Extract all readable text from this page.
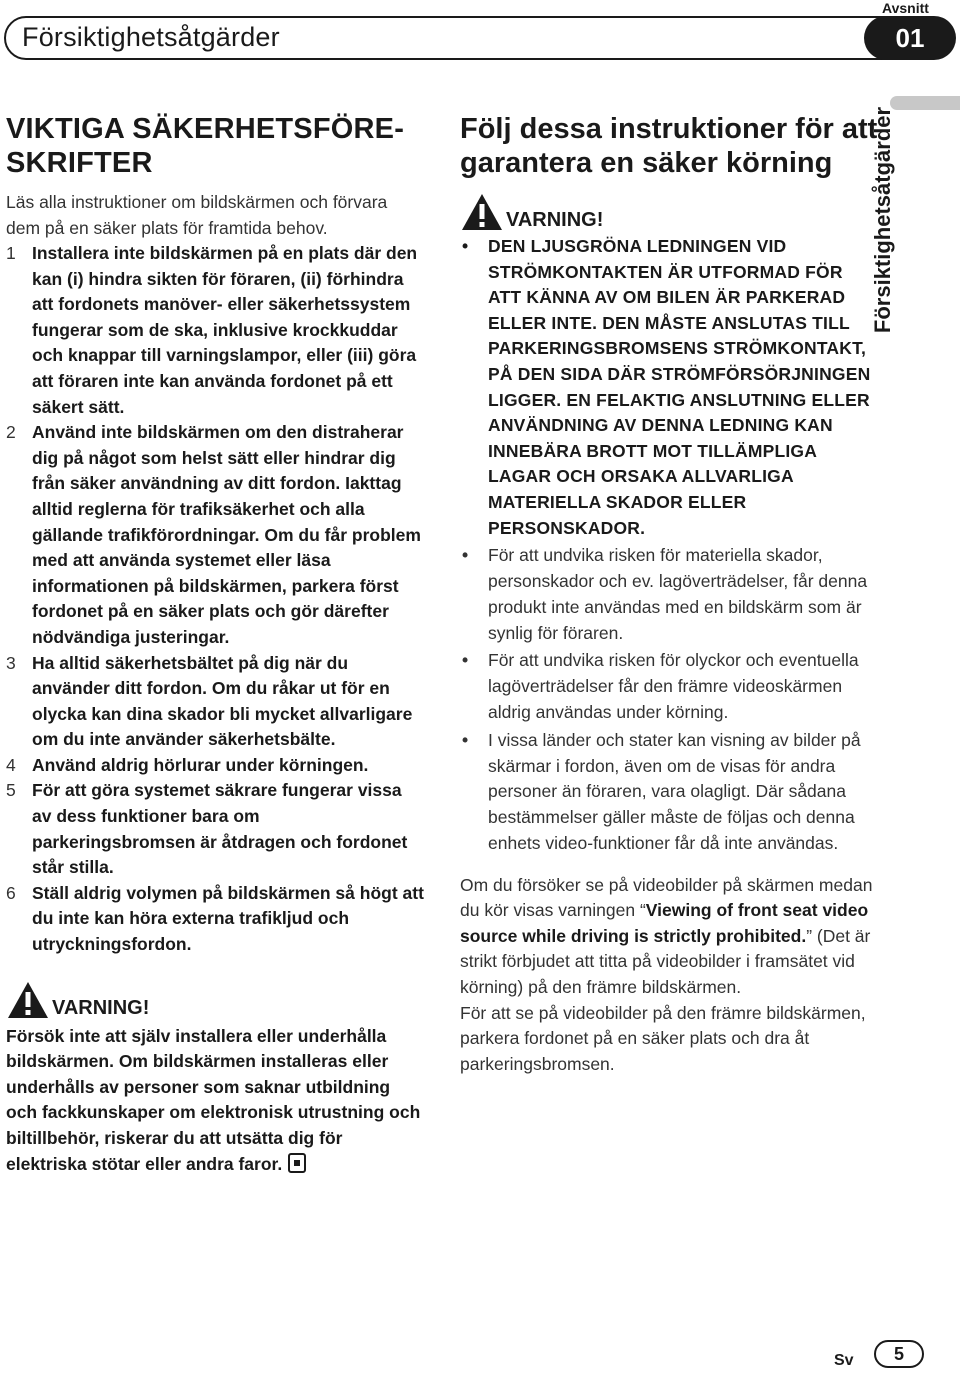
Försiktighetsåtgärder
Avsnitt
01
Försiktighetsåtgärder
VIKTIGA SÄKERHETSFÖRE-SKRIFTER

Läs alla instruktioner om bildskärmen och förvara dem på en säker plats för framtida behov.

1 Installera inte bildskärmen på en plats där den kan (i) hindra sikten för föraren, (ii) förhindra att fordonets manöver- eller säkerhetssystem fungerar som de ska, inklusive krockkuddar och knappar till varningslampor, eller (iii) göra att föraren inte kan använda fordonet på ett säkert sätt.
2 Använd inte bildskärmen om den distraherar dig på något som helst sätt eller hindrar dig från säker användning av ditt fordon. Iakttag alltid reglerna för trafiksäkerhet och alla gällande trafikförordningar. Om du får problem med att använda systemet eller läsa informationen på bildskärmen, parkera först fordonet på en säker plats och gör därefter nödvändiga justeringar.
3 Ha alltid säkerhetsbältet på dig när du använder ditt fordon. Om du råkar ut för en olycka kan dina skador bli mycket allvarligare om du inte använder säkerhetsbälte.
4 Använd aldrig hörlurar under körningen.
5 För att göra systemet säkrare fungerar vissa av dess funktioner bara om parkeringsbromsen är åtdragen och fordonet står stilla.
6 Ställ aldrig volymen på bildskärmen så högt att du inte kan höra externa trafikljud och utryckningsfordon.
VARNING!

Försök inte att själv installera eller underhålla bildskärmen. Om bildskärmen installeras eller underhålls av personer som saknar utbildning och fackkunskaper om elektronisk utrustning och biltillbehör, riskerar du att utsätta dig för elektriska stötar eller andra faror.

Följ dessa instruktioner för att garantera en säker körning
VARNING!
• DEN LJUSGRÖNA LEDNINGEN VID STRÖMKONTAKTEN ÄR UTFORMAD FÖR ATT KÄNNA AV OM BILEN ÄR PARKERAD ELLER INTE. DEN MÅSTE ANSLUTAS TILL PARKERINGSBROMSENS STRÖMKONTAKT, PÅ DEN SIDA DÄR STRÖMFÖRSÖRJNINGEN LIGGER. EN FELAKTIG ANSLUTNING ELLER ANVÄNDNING AV DENNA LEDNING KAN INNEBÄRA BROTT MOT TILLÄMPLIGA LAGAR OCH ORSAKA ALLVARLIGA MATERIELLA SKADOR ELLER PERSONSKADOR.
• För att undvika risken för materiella skador, personskador och ev. lagöverträdelser, får denna produkt inte användas med en bildskärm som är synlig för föraren.
• För att undvika risken för olyckor och eventuella lagöverträdelser får den främre videoskärmen aldrig användas under körning.
• I vissa länder och stater kan visning av bilder på skärmar i fordon, även om de visas för andra personer än föraren, vara olagligt. Där sådana bestämmelser gäller måste de följas och denna enhets video-funktioner får då inte användas.

Om du försöker se på videobilder på skärmen medan du kör visas varningen “Viewing of front seat video source while driving is strictly prohibited.” (Det är strikt förbjudet att titta på videobilder i framsätet vid körning) på den främre bildskärmen.

För att se på videobilder på den främre bildskärmen, parkera fordonet på en säker plats och dra åt parkeringsbromsen.

Sv	5
